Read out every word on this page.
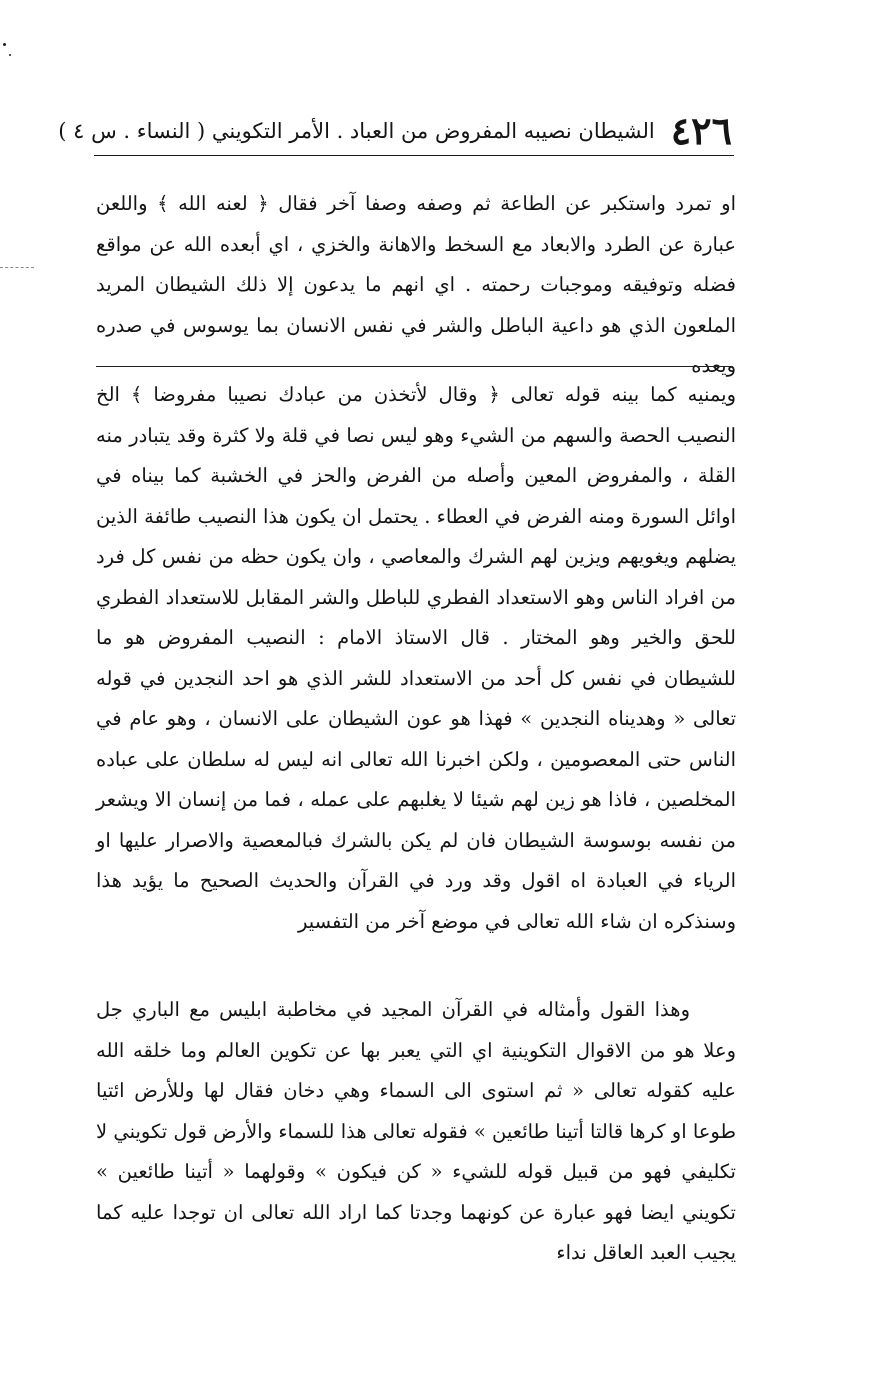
٤٢٦
الشيطان نصيبه المفروض من العباد . الأمر التكويني ( النساء . س ٤ )
او تمرد واستكبر عن الطاعة ثم وصفه وصفا آخر فقال ﴿ لعنه الله ﴾ واللعن عبارة عن الطرد والابعاد مع السخط والاهانة والخزي ، اي أبعده الله عن مواقع فضله وتوفيقه وموجبات رحمته . اي انهم ما يدعون إلا ذلك الشيطان المريد الملعون الذي هو داعية الباطل والشر في نفس الانسان بما يوسوس في صدره ويعده
ويمنيه كما بينه قوله تعالى ﴿ وقال لأتخذن من عبادك نصيبا مفروضا ﴾ الخ النصيب الحصة والسهم من الشيء وهو ليس نصا في قلة ولا كثرة وقد يتبادر منه القلة ، والمفروض المعين وأصله من الفرض والحز في الخشبة كما بيناه في اوائل السورة ومنه الفرض في العطاء . يحتمل ان يكون هذا النصيب طائفة الذين يضلهم ويغويهم ويزين لهم الشرك والمعاصي ، وان يكون حظه من نفس كل فرد من افراد الناس وهو الاستعداد الفطري للباطل والشر المقابل للاستعداد الفطري للحق والخير وهو المختار . قال الاستاذ الامام : النصيب المفروض هو ما للشيطان في نفس كل أحد من الاستعداد للشر الذي هو احد النجدين في قوله تعالى « وهديناه النجدين » فهذا هو عون الشيطان على الانسان ، وهو عام في الناس حتى المعصومين ، ولكن اخبرنا الله تعالى انه ليس له سلطان على عباده المخلصين ، فاذا هو زين لهم شيئا لا يغلبهم على عمله ، فما من إنسان الا ويشعر من نفسه بوسوسة الشيطان فان لم يكن بالشرك فبالمعصية والاصرار عليها او الرياء في العبادة اه اقول وقد ورد في القرآن والحديث الصحيح ما يؤيد هذا وسنذكره ان شاء الله تعالى في موضع آخر من التفسير
وهذا القول وأمثاله في القرآن المجيد في مخاطبة ابليس مع الباري جل وعلا هو من الاقوال التكوينية اي التي يعبر بها عن تكوين العالم وما خلقه الله عليه كقوله تعالى « ثم استوى الى السماء وهي دخان فقال لها وللأرض ائتيا طوعا او كرها قالتا أتينا طائعين » فقوله تعالى هذا للسماء والأرض قول تكويني لا تكليفي فهو من قبيل قوله للشيء « كن فيكون » وقولهما « أتينا طائعين » تكويني ايضا فهو عبارة عن كونهما وجدتا كما اراد الله تعالى ان توجدا عليه كما يجيب العبد العاقل نداء
